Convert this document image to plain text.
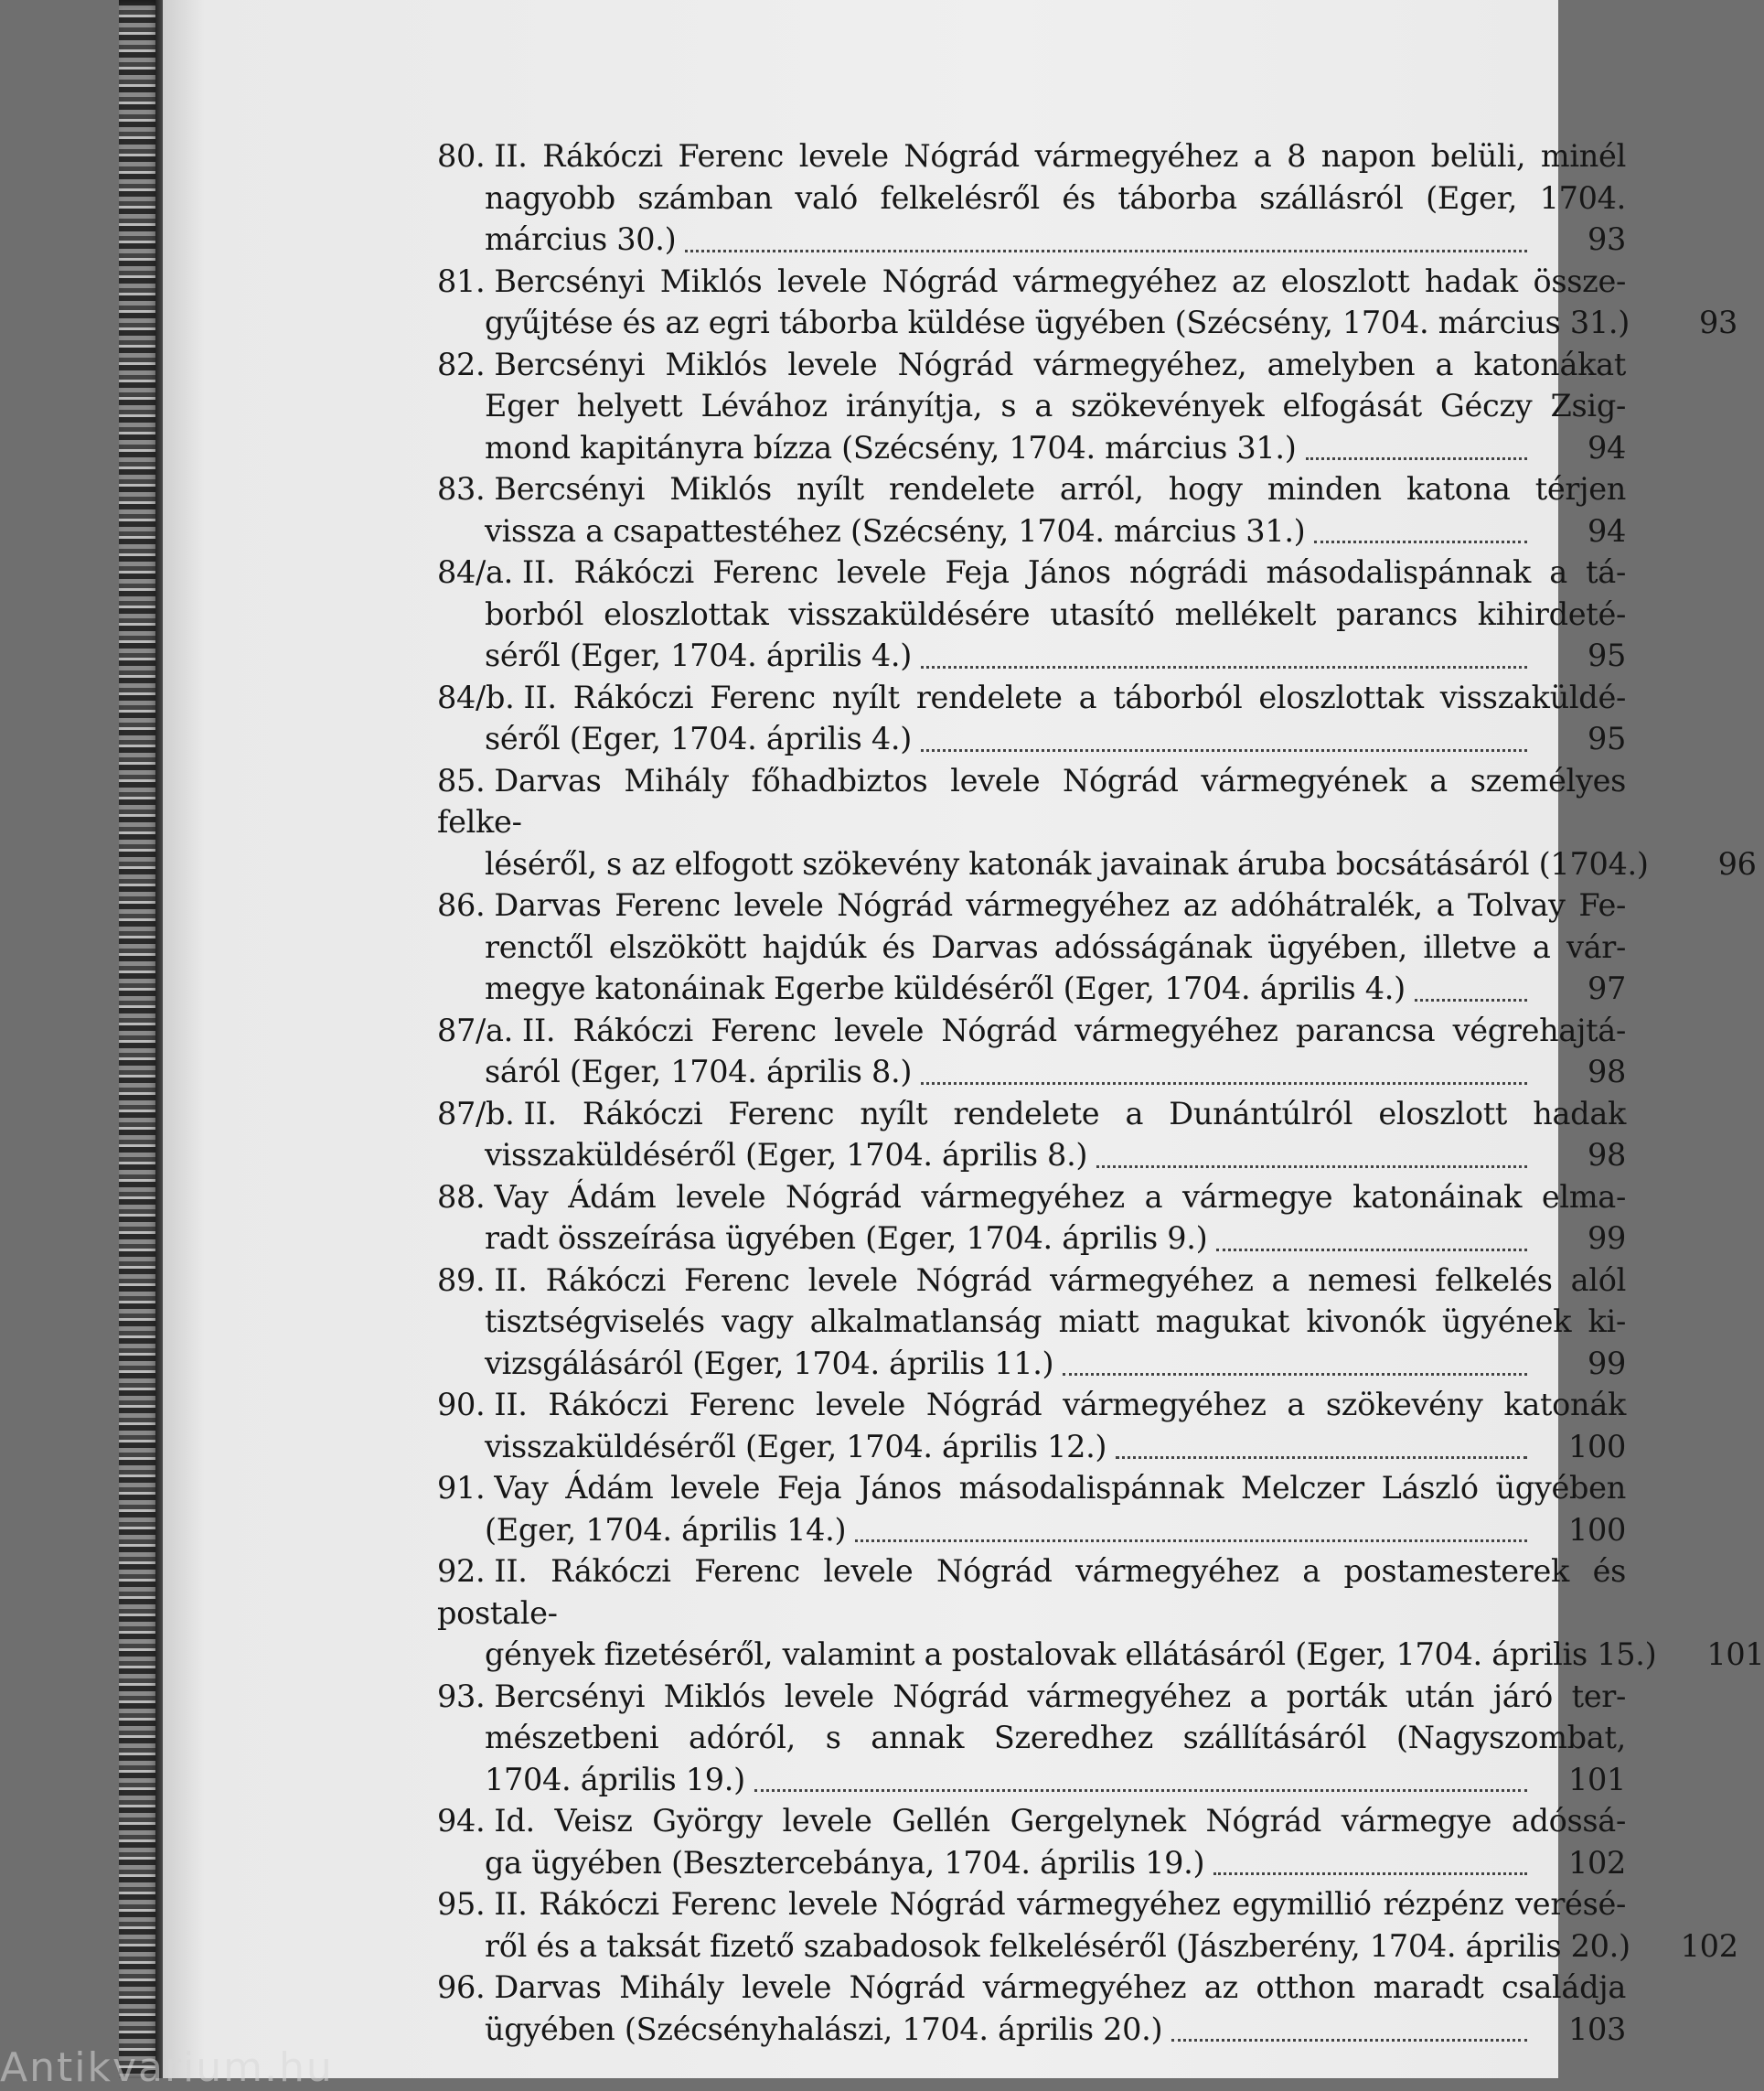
80. II. Rákóczi Ferenc levele Nógrád vármegyéhez a 8 napon belüli, minél
nagyobb számban való felkelésről és táborba szállásról (Eger, 1704.
március 30.)	93
81. Bercsényi Miklós levele Nógrád vármegyéhez az eloszlott hadak össze-
gyűjtése és az egri táborba küldése ügyében (Szécsény, 1704. március 31.)	93
82. Bercsényi Miklós levele Nógrád vármegyéhez, amelyben a katonákat
Eger helyett Lévához irányítja, s a szökevények elfogását Géczy Zsig-
mond kapitányra bízza (Szécsény, 1704. március 31.)	94
83. Bercsényi Miklós nyílt rendelete arról, hogy minden katona térjen
vissza a csapattestéhez (Szécsény, 1704. március 31.)	94
84/a. II. Rákóczi Ferenc levele Feja János nógrádi másodalispánnak a tá-
borból eloszlottak visszaküldésére utasító mellékelt parancs kihirdeté-
séről (Eger, 1704. április 4.)	95
84/b. II. Rákóczi Ferenc nyílt rendelete a táborból eloszlottak visszaküldé-
séről (Eger, 1704. április 4.)	95
85. Darvas Mihály főhadbiztos levele Nógrád vármegyének a személyes felke-
léséről, s az elfogott szökevény katonák javainak áruba bocsátásáról (1704.)	96
86. Darvas Ferenc levele Nógrád vármegyéhez az adóhátralék, a Tolvay Fe-
renctől elszökött hajdúk és Darvas adósságának ügyében, illetve a vár-
megye katonáinak Egerbe küldéséről (Eger, 1704. április 4.)	97
87/a. II. Rákóczi Ferenc levele Nógrád vármegyéhez parancsa végrehajtá-
sáról (Eger, 1704. április 8.)	98
87/b. II. Rákóczi Ferenc nyílt rendelete a Dunántúlról eloszlott hadak
visszaküldéséről (Eger, 1704. április 8.)	98
88. Vay Ádám levele Nógrád vármegyéhez a vármegye katonáinak elma-
radt összeírása ügyében (Eger, 1704. április 9.)	99
89. II. Rákóczi Ferenc levele Nógrád vármegyéhez a nemesi felkelés alól
tisztségviselés vagy alkalmatlanság miatt magukat kivonók ügyének ki-
vizsgálásáról (Eger, 1704. április 11.)	99
90. II. Rákóczi Ferenc levele Nógrád vármegyéhez a szökevény katonák
visszaküldéséről (Eger, 1704. április 12.)	100
91. Vay Ádám levele Feja János másodalispánnak Melczer László ügyében
(Eger, 1704. április 14.)	100
92. II. Rákóczi Ferenc levele Nógrád vármegyéhez a postamesterek és postale-
gények fizetéséről, valamint a postalovak ellátásáról (Eger, 1704. április 15.)	101
93. Bercsényi Miklós levele Nógrád vármegyéhez a porták után járó ter-
mészetbeni adóról, s annak Szeredhez szállításáról (Nagyszombat,
1704. április 19.)	101
94. Id. Veisz György levele Gellén Gergelynek Nógrád vármegye adóssá-
ga ügyében (Besztercebánya, 1704. április 19.)	102
95. II. Rákóczi Ferenc levele Nógrád vármegyéhez egymillió rézpénz verésé-
ről és a taksát fizető szabadosok felkeléséről (Jászberény, 1704. április 20.)	102
96. Darvas Mihály levele Nógrád vármegyéhez az otthon maradt családja
ügyében (Szécsényhalászi, 1704. április 20.)	103
Antikvarium.hu
